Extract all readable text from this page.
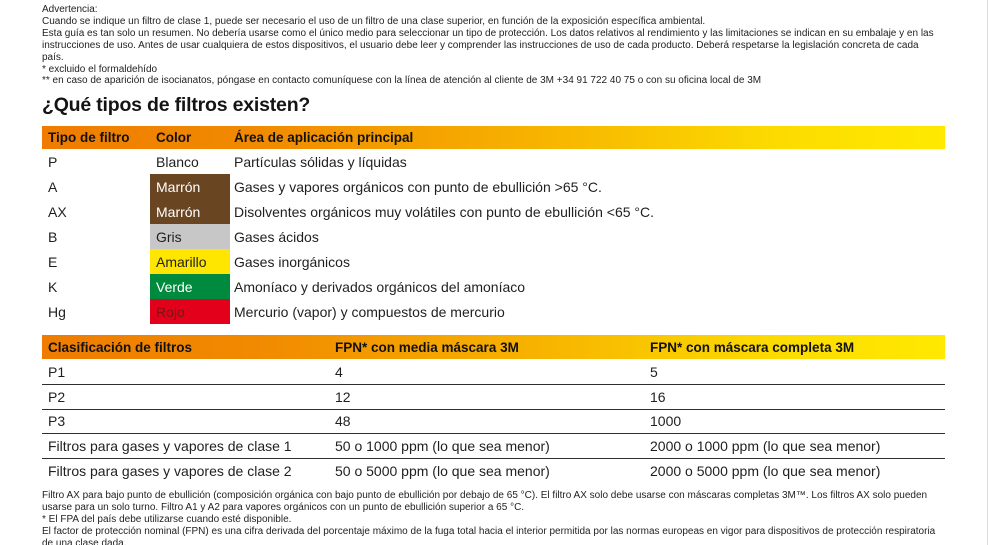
Advertencia:
Cuando se indique un filtro de clase 1, puede ser necesario el uso de un filtro de una clase superior, en función de la exposición específica ambiental.
Esta guía es tan solo un resumen. No debería usarse como el único medio para seleccionar un tipo de protección. Los datos relativos al rendimiento y las limitaciones se indican en su embalaje y en las
instrucciones de uso. Antes de usar cualquiera de estos dispositivos, el usuario debe leer y comprender las instrucciones de uso de cada producto. Deberá respetarse la legislación concreta de cada
país.
* excluido el formaldehído
** en caso de aparición de isocianatos, póngase en contacto comuníquese con la línea de atención al cliente de 3M +34 91 722 40 75 o con su oficina local de 3M
¿Qué tipos de filtros existen?
Tipo de filtro	Color	Área de aplicación principal
P	Blanco	Partículas sólidas y líquidas
A	Marrón	Gases y vapores orgánicos con punto de ebullición >65 °C.
AX	Marrón	Disolventes orgánicos muy volátiles con punto de ebullición <65 °C.
B	Gris	Gases ácidos
E	Amarillo	Gases inorgánicos
K	Verde	Amoníaco y derivados orgánicos del amoníaco
Hg	Rojo	Mercurio (vapor) y compuestos de mercurio
Clasificación de filtros	FPN* con media máscara 3M	FPN* con máscara completa 3M
P1	4	5
P2	12	16
P3	48	1000
Filtros para gases y vapores de clase 1	50 o 1000 ppm (lo que sea menor)	2000 o 1000 ppm (lo que sea menor)
Filtros para gases y vapores de clase 2	50 o 5000 ppm (lo que sea menor)	2000 o 5000 ppm (lo que sea menor)
Filtro AX para bajo punto de ebullición (composición orgánica con bajo punto de ebullición por debajo de 65 °C). El filtro AX solo debe usarse con máscaras completas 3M™. Los filtros AX solo pueden
usarse para un solo turno. Filtro A1 y A2 para vapores orgánicos con un punto de ebullición superior a 65 °C.
* El FPA del país debe utilizarse cuando esté disponible.
El factor de protección nominal (FPN) es una cifra derivada del porcentaje máximo de la fuga total hacia el interior permitida por las normas europeas en vigor para dispositivos de protección respiratoria
de una clase dada.
